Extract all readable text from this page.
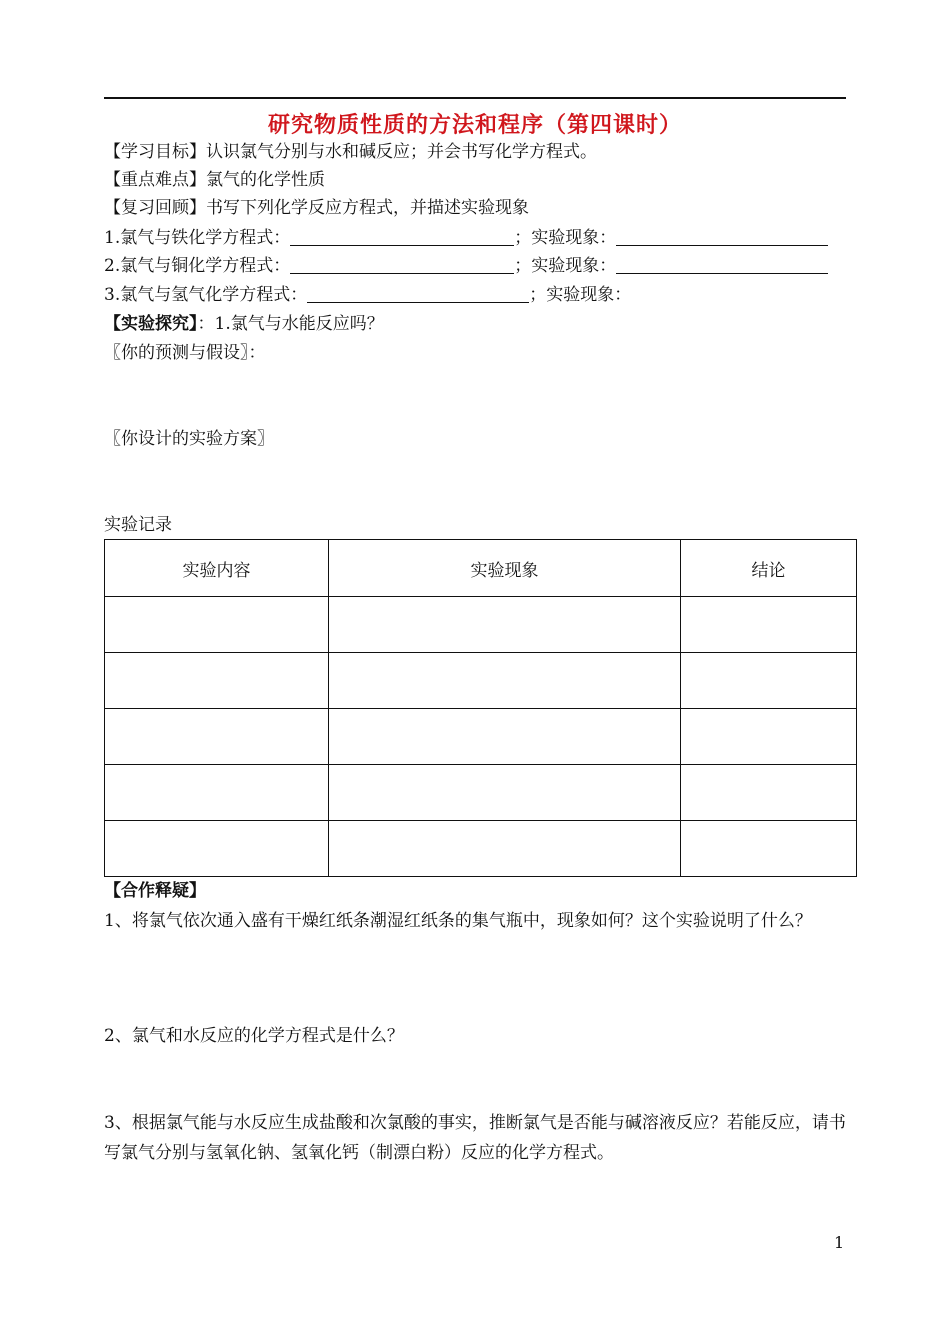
研究物质性质的方法和程序（第四课时）
【学习目标】认识氯气分别与水和碱反应；并会书写化学方程式。
【重点难点】氯气的化学性质
【复习回顾】书写下列化学反应方程式，并描述实验现象
1.氯气与铁化学方程式：	；实验现象：
2.氯气与铜化学方程式：	；实验现象：
3.氯气与氢气化学方程式：	；实验现象：
【实验探究】：1.氯气与水能反应吗？
〖你的预测与假设〗：
〖你设计的实验方案〗
实验记录
实验内容	实验现象	结论

【合作释疑】
1、将氯气依次通入盛有干燥红纸条潮湿红纸条的集气瓶中，现象如何？这个实验说明了什么？
2、氯气和水反应的化学方程式是什么？
3、根据氯气能与水反应生成盐酸和次氯酸的事实，推断氯气是否能与碱溶液反应？若能反应，请书写氯气分别与氢氧化钠、氢氧化钙（制漂白粉）反应的化学方程式。
1
